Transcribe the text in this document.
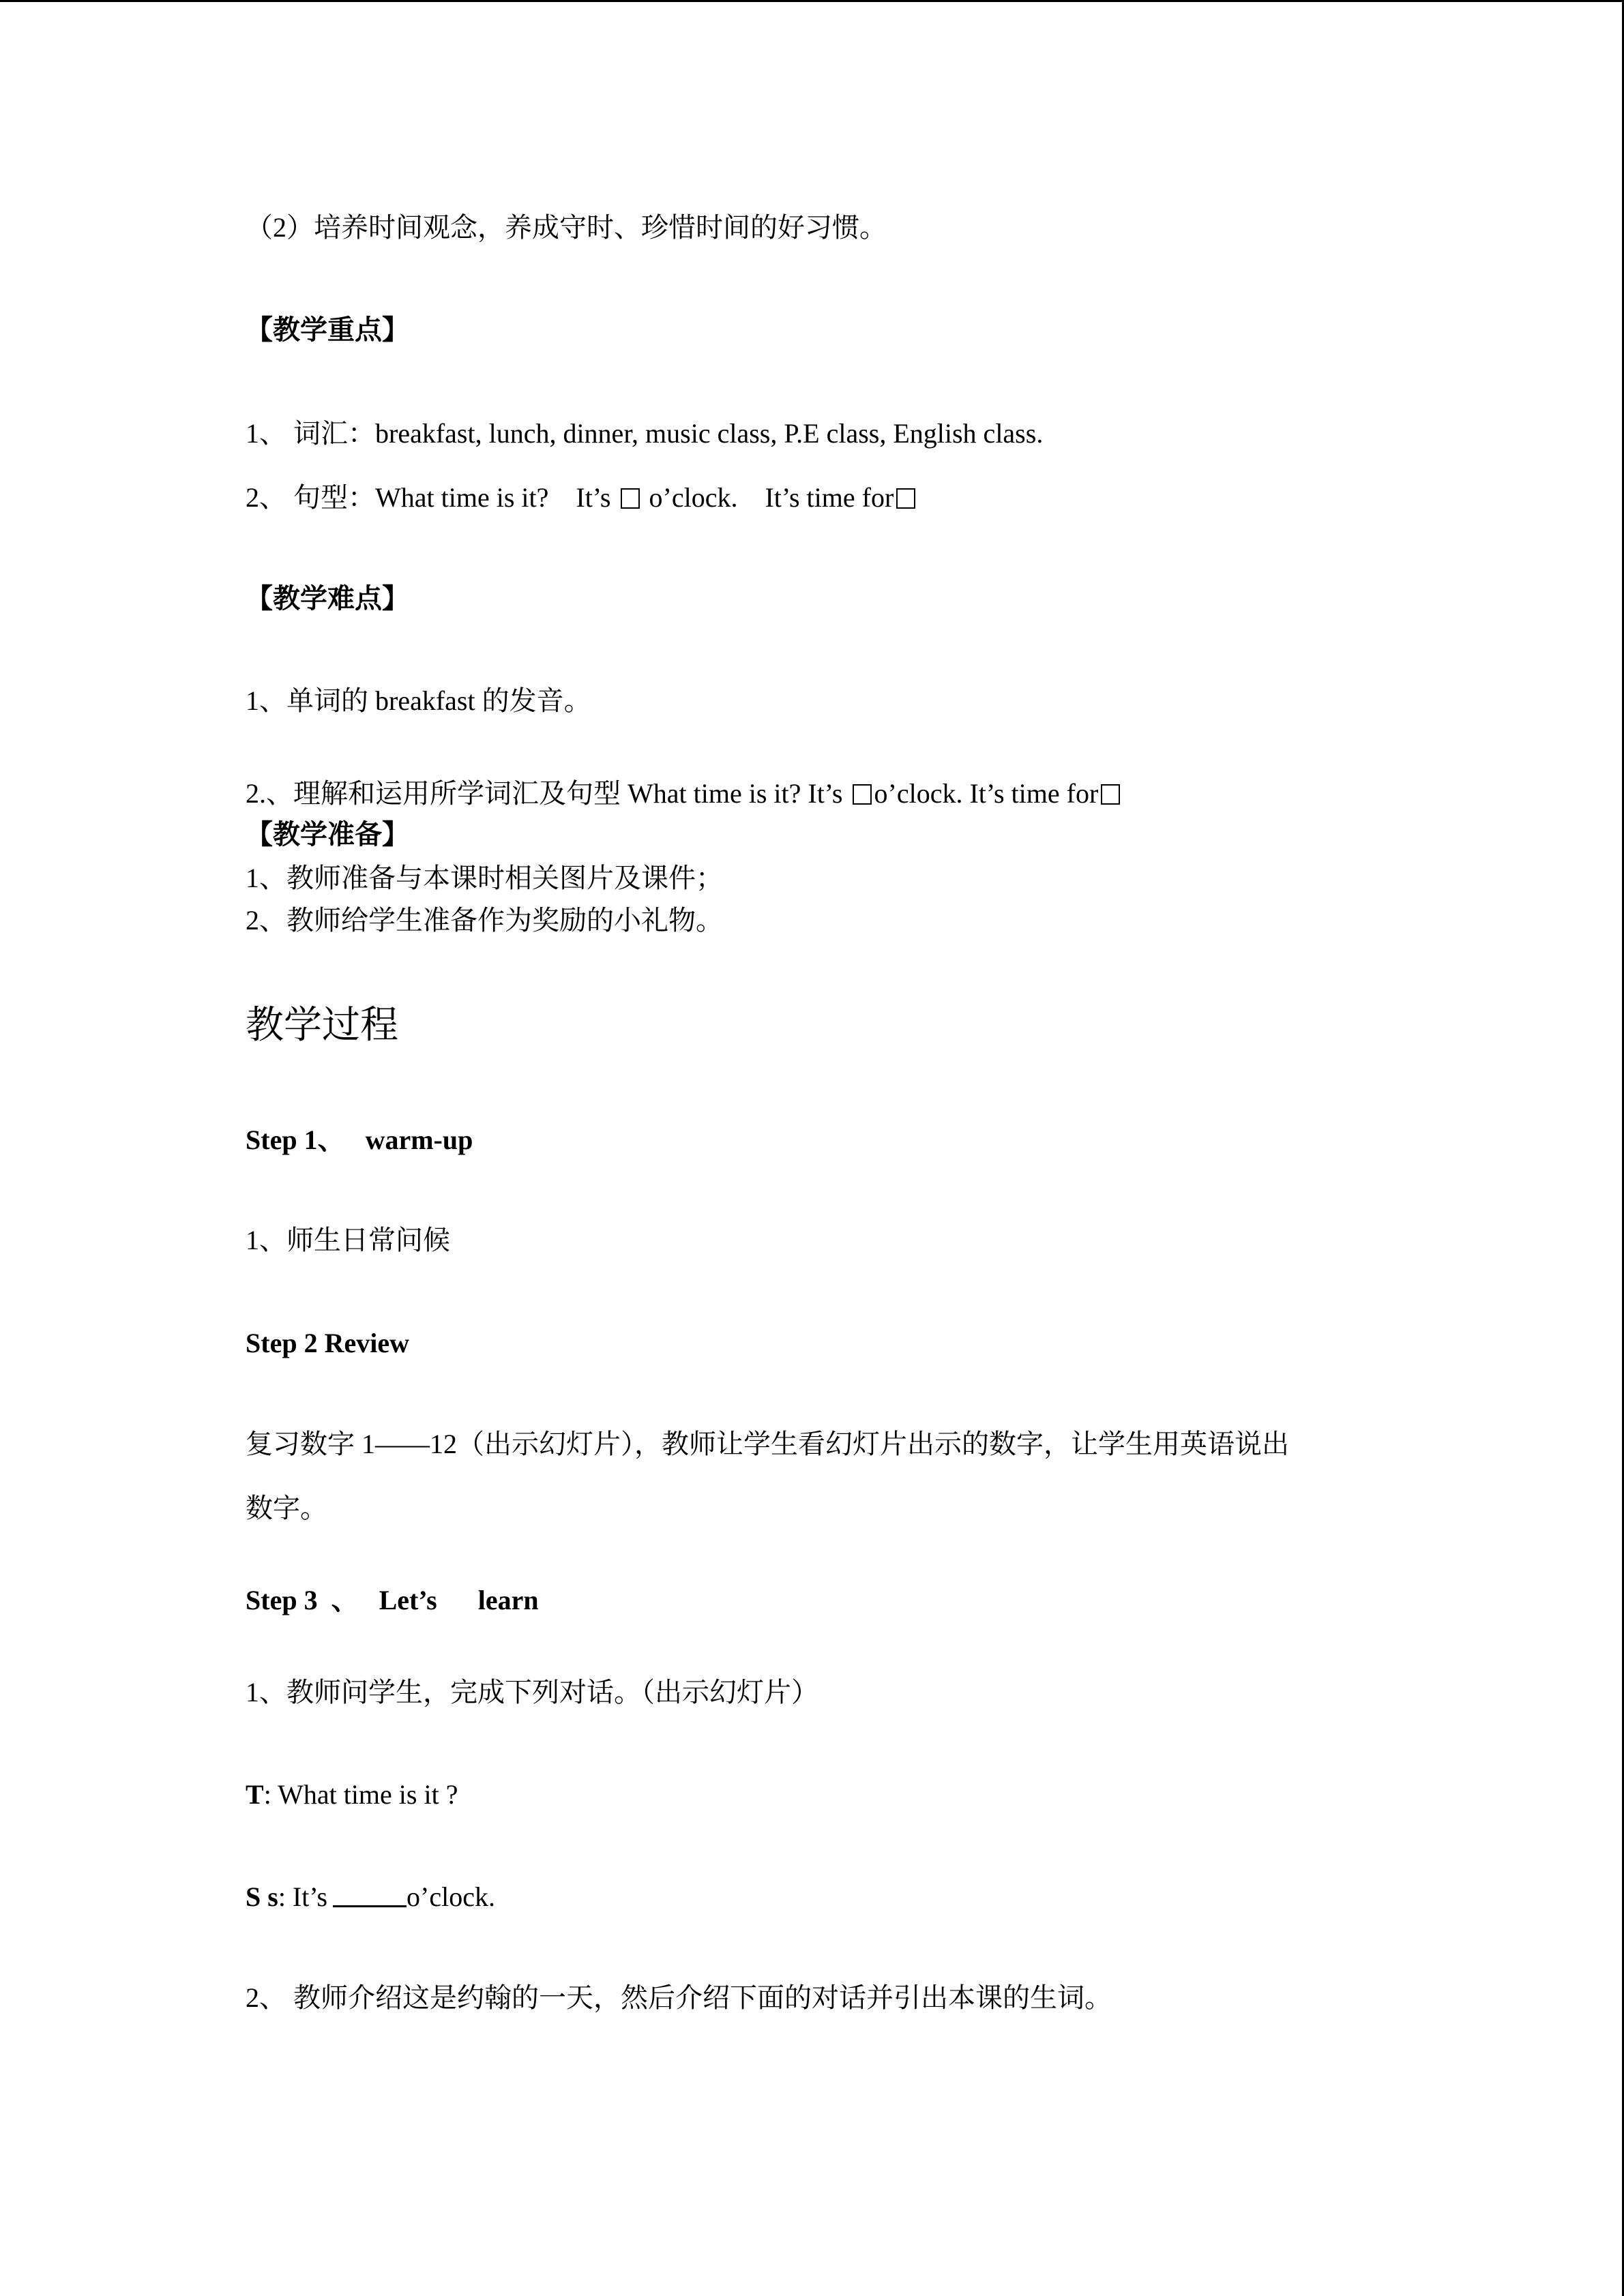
（2）培养时间观念，养成守时、珍惜时间的好习惯。
【教学重点】
1、 词汇：breakfast, lunch, dinner, music class, P.E class, English class.
2、 句型：What time is it?    It’s o’clock.    It’s time for
【教学难点】
1、单词的 breakfast 的发音。
2.、理解和运用所学词汇及句型 What time is it? It’s o’clock. It’s time for
【教学准备】
1、教师准备与本课时相关图片及课件；
2、教师给学生准备作为奖励的小礼物。
教学过程
Step 1、   warm-up
1、师生日常问候
Step 2 Review
复习数字 1——12（出示幻灯片），教师让学生看幻灯片出示的数字，让学生用英语说出
数字。
Step 3  、   Let’s      learn
1、教师问学生，完成下列对话。（出示幻灯片）
T: What time is it ?
S s: It’s	o’clock.
2、 教师介绍这是约翰的一天，然后介绍下面的对话并引出本课的生词。
